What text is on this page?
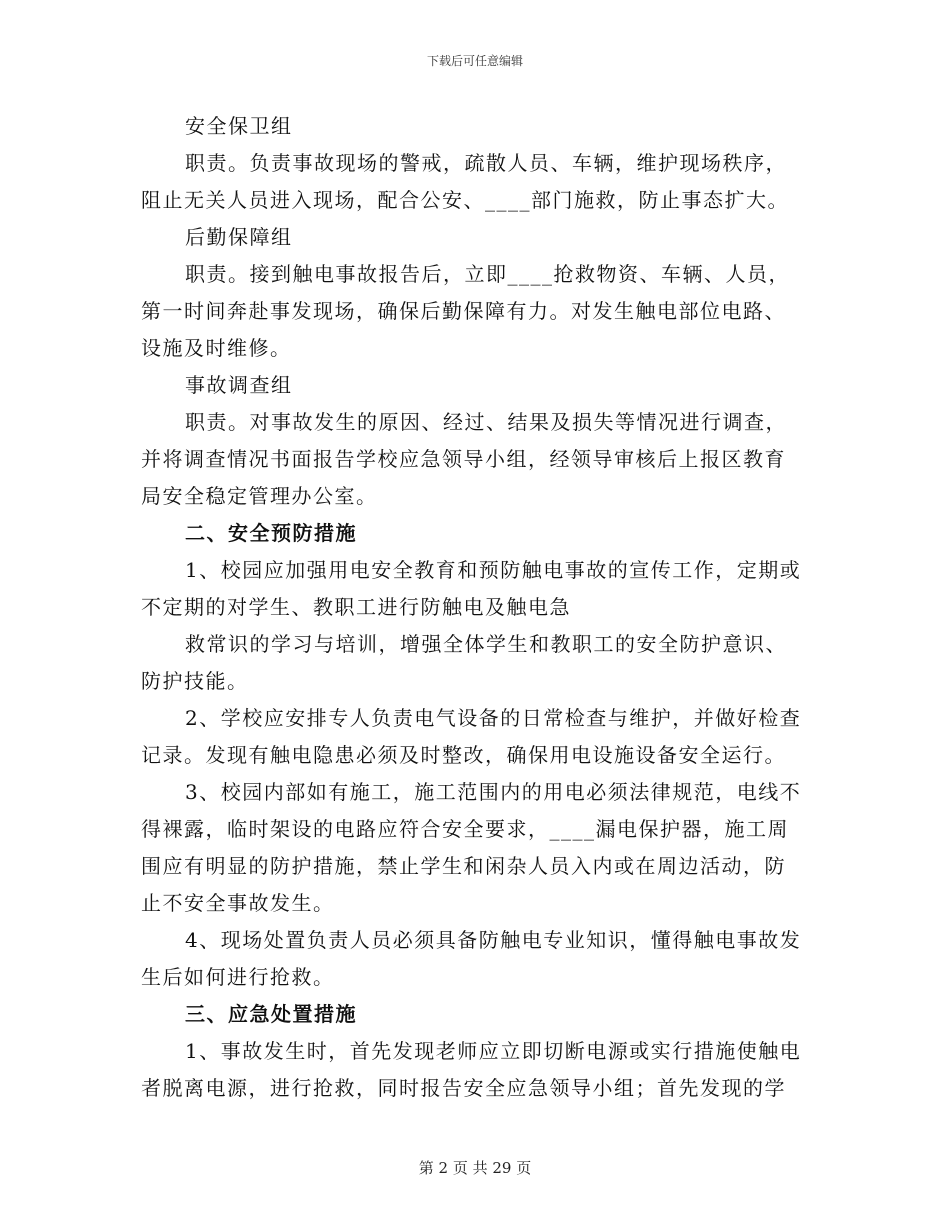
下载后可任意编辑
安全保卫组
职责。负责事故现场的警戒，疏散人员、车辆，维护现场秩序，
阻止无关人员进入现场，配合公安、____部门施救，防止事态扩大。
后勤保障组
职责。接到触电事故报告后，立即____抢救物资、车辆、人员，
第一时间奔赴事发现场，确保后勤保障有力。对发生触电部位电路、
设施及时维修。
事故调查组
职责。对事故发生的原因、经过、结果及损失等情况进行调查，
并将调查情况书面报告学校应急领导小组，经领导审核后上报区教育
局安全稳定管理办公室。
二、安全预防措施
1、校园应加强用电安全教育和预防触电事故的宣传工作，定期或
不定期的对学生、教职工进行防触电及触电急
救常识的学习与培训，增强全体学生和教职工的安全防护意识、
防护技能。
2、学校应安排专人负责电气设备的日常检查与维护，并做好检查
记录。发现有触电隐患必须及时整改，确保用电设施设备安全运行。
3、校园内部如有施工，施工范围内的用电必须法律规范，电线不
得裸露，临时架设的电路应符合安全要求，____漏电保护器，施工周
围应有明显的防护措施，禁止学生和闲杂人员入内或在周边活动，防
止不安全事故发生。
4、现场处置负责人员必须具备防触电专业知识，懂得触电事故发
生后如何进行抢救。
三、应急处置措施
1、事故发生时，首先发现老师应立即切断电源或实行措施使触电
者脱离电源，进行抢救，同时报告安全应急领导小组；首先发现的学
第 2 页 共 29 页
